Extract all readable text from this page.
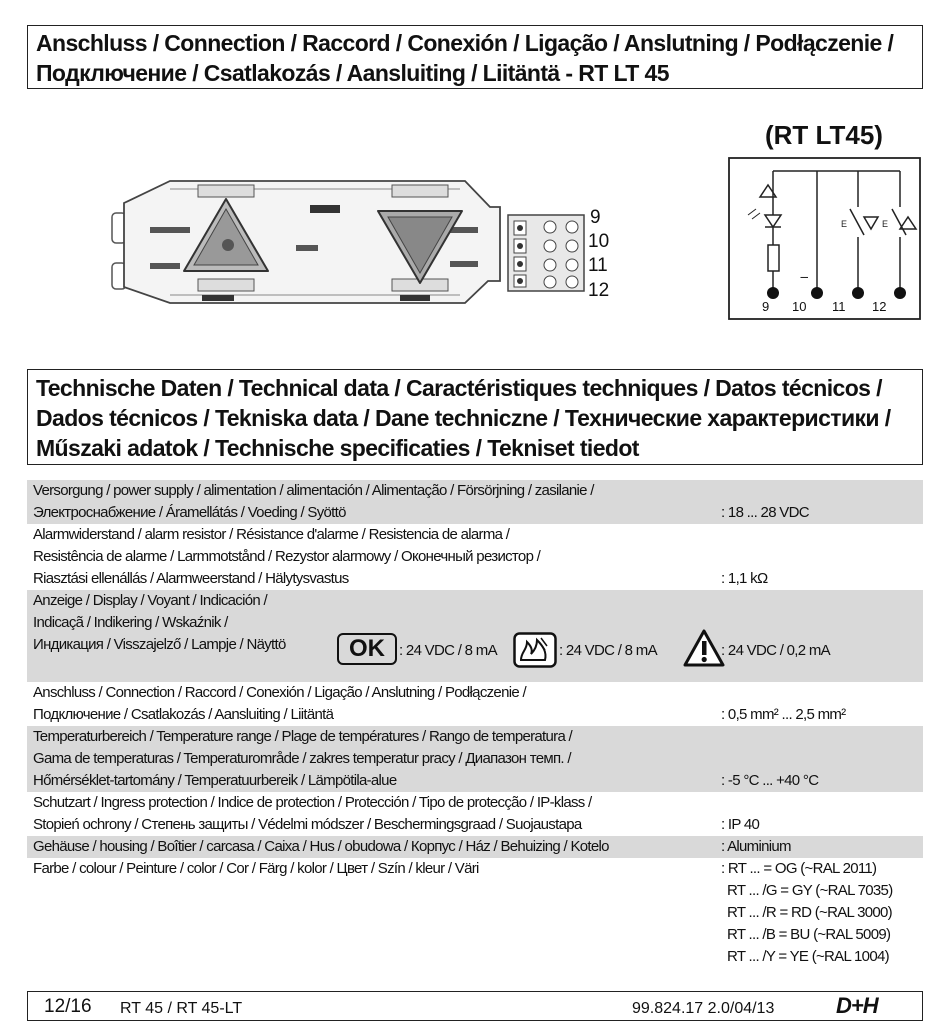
Anschluss / Connection / Raccord / Conexión / Ligação / Anslutning / Podłączenie /
Подключение / Csatlakozás / Aansluiting / Liitäntä - RT LT 45
9
10
11
12
(RT LT45)
I
E	E
9 10 11 12
Technische Daten / Technical data / Caractéristiques techniques / Datos técnicos /
Dados técnicos / Tekniska data / Dane techniczne / Технические характеристики /
Műszaki adatok / Technische specificaties / Tekniset tiedot
Versorgung / power supply / alimentation / alimentación / Alimentação / Försörjning / zasilanie /
Электроснабжение / Áramellátás / Voeding / Syöttö	: 18 ... 28 VDC
Alarmwiderstand / alarm resistor / Résistance d'alarme / Resistencia de alarma /
Resistência de alarme / Larmmotstånd / Rezystor alarmowy / Оконечный резистор /
Riasztási ellenállás / Alarmweerstand / Hälytysvastus	: 1,1 kΩ
Anzeige / Display / Voyant / Indicación /
Indicaçã / Indikering / Wskaźnik /
Индикация / Visszajelző / Lampje / Näyttö	OK : 24 VDC / 8 mA	: 24 VDC / 8 mA	: 24 VDC / 0,2 mA
Anschluss / Connection / Raccord / Conexión / Ligação / Anslutning / Podłączenie /
Подключение / Csatlakozás / Aansluiting / Liitäntä	: 0,5 mm² ... 2,5 mm²
Temperaturbereich / Temperature range / Plage de températures / Rango de temperatura /
Gama de temperaturas / Temperaturområde / zakres temperatur pracy / Диапазон темп. /
Hőmérséklet-tartomány / Temperatuurbereik / Lämpötila-alue	: -5 °C ... +40 °C
Schutzart / Ingress protection / Indice de protection / Protección / Tipo de protecção / IP-klass /
Stopień ochrony / Степень защиты / Védelmi módszer / Beschermingsgraad / Suojaustapa	: IP 40
Gehäuse / housing / Boîtier / carcasa / Caixa / Hus / obudowa / Корпус / Ház / Behuizing / Kotelo	: Aluminium
Farbe / colour / Peinture / color / Cor / Färg / kolor / Цвет / Szín / kleur / Väri	: RT ... = OG (~RAL 2011)
RT ... /G = GY (~RAL 7035)
RT ... /R = RD (~RAL 3000)
RT ... /B = BU (~RAL 5009)
RT ... /Y = YE (~RAL 1004)
12/16 RT 45 / RT 45-LT	99.824.17 2.0/04/13	D+H
